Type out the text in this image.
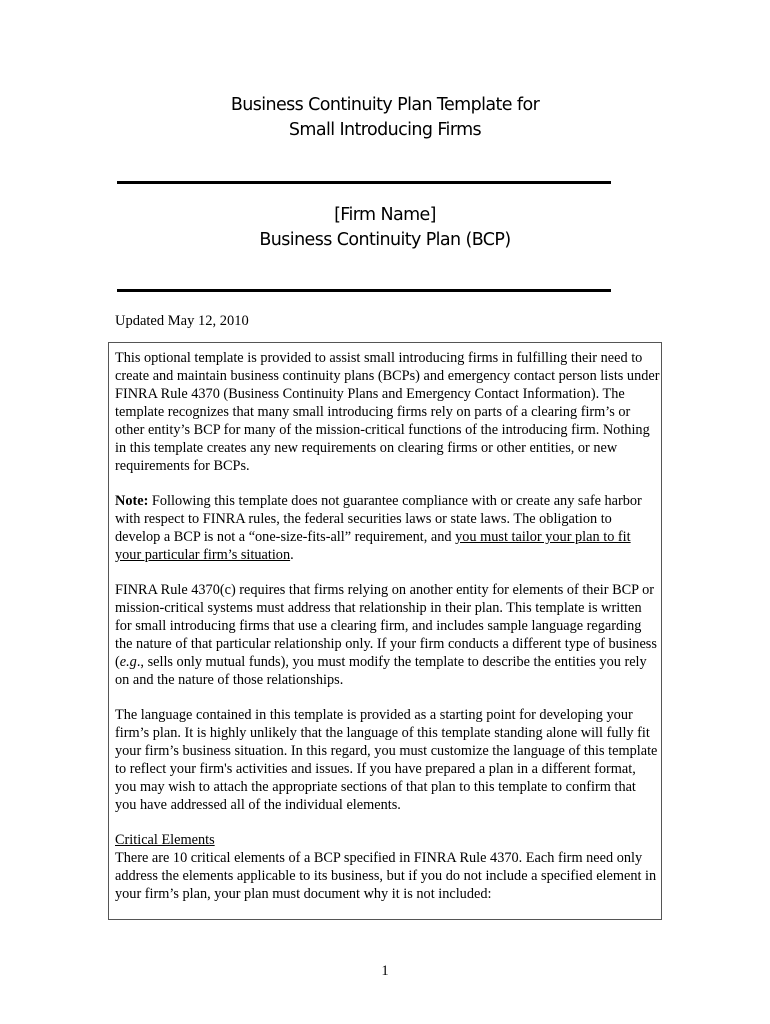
Business Continuity Plan Template for
Small Introducing Firms
[Firm Name]
Business Continuity Plan (BCP)
Updated May 12, 2010

This optional template is provided to assist small introducing firms in fulfilling their need to create and maintain business continuity plans (BCPs) and emergency contact person lists under FINRA Rule 4370 (Business Continuity Plans and Emergency Contact Information). The template recognizes that many small introducing firms rely on parts of a clearing firm’s or other entity’s BCP for many of the mission-critical functions of the introducing firm. Nothing in this template creates any new requirements on clearing firms or other entities, or new requirements for BCPs.

Note: Following this template does not guarantee compliance with or create any safe harbor with respect to FINRA rules, the federal securities laws or state laws. The obligation to develop a BCP is not a “one-size-fits-all” requirement, and you must tailor your plan to fit your particular firm’s situation.

FINRA Rule 4370(c) requires that firms relying on another entity for elements of their BCP or mission-critical systems must address that relationship in their plan. This template is written for small introducing firms that use a clearing firm, and includes sample language regarding the nature of that particular relationship only. If your firm conducts a different type of business (e.g., sells only mutual funds), you must modify the template to describe the entities you rely on and the nature of those relationships.

The language contained in this template is provided as a starting point for developing your firm’s plan. It is highly unlikely that the language of this template standing alone will fully fit your firm’s business situation. In this regard, you must customize the language of this template to reflect your firm's activities and issues. If you have prepared a plan in a different format, you may wish to attach the appropriate sections of that plan to this template to confirm that you have addressed all of the individual elements.

Critical Elements
There are 10 critical elements of a BCP specified in FINRA Rule 4370. Each firm need only address the elements applicable to its business, but if you do not include a specified element in your firm’s plan, your plan must document why it is not included:

1
